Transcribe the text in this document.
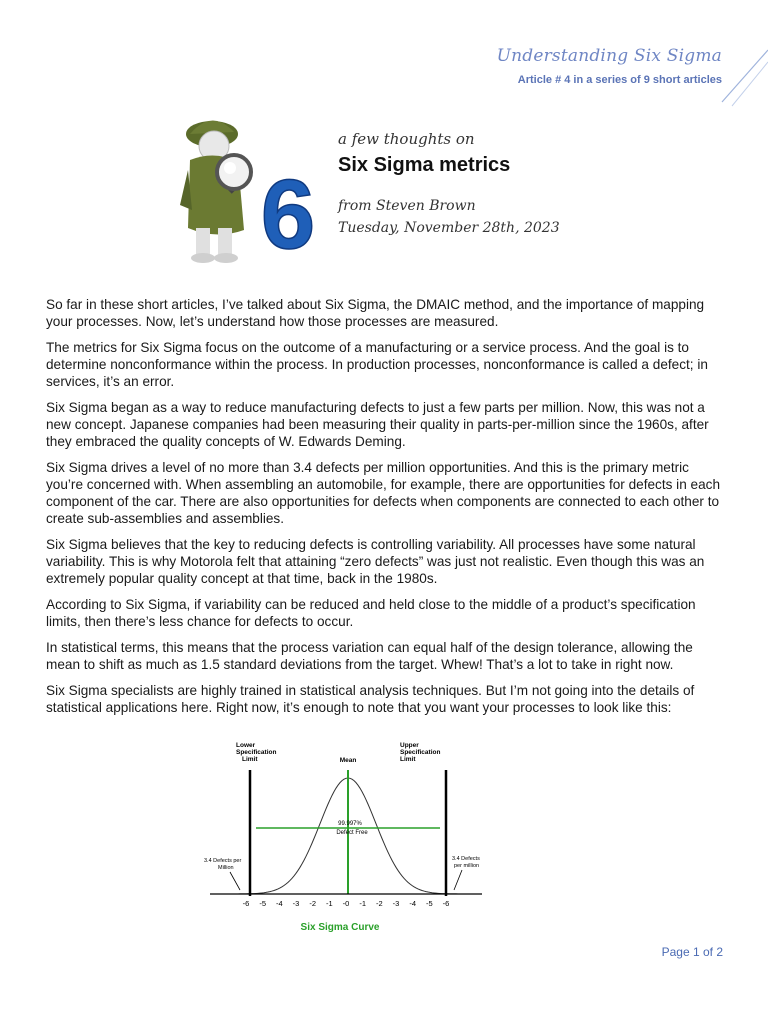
Understanding Six Sigma
Article # 4 in a series of 9 short articles
6
a few thoughts on
Six Sigma metrics
from Steven Brown
Tuesday, November 28th, 2023

So far in these short articles, I’ve talked about Six Sigma, the DMAIC method, and the importance of mapping your processes. Now, let’s understand how those processes are measured.

The metrics for Six Sigma focus on the outcome of a manufacturing or a service process. And the goal is to determine nonconformance within the process. In production processes, nonconformance is called a defect; in services, it’s an error.

Six Sigma began as a way to reduce manufacturing defects to just a few parts per million. Now, this was not a new concept. Japanese companies had been measuring their quality in parts-per-million since the 1960s, after they embraced the quality concepts of W. Edwards Deming.

Six Sigma drives a level of no more than 3.4 defects per million opportunities. And this is the primary metric you’re concerned with. When assembling an automobile, for example, there are opportunities for defects in each component of the car. There are also opportunities for defects when components are connected to each other to create sub-assemblies and assemblies.

Six Sigma believes that the key to reducing defects is controlling variability. All processes have some natural variability. This is why Motorola felt that attaining “zero defects” was just not realistic. Even though this was an extremely popular quality concept at that time, back in the 1980s.

According to Six Sigma, if variability can be reduced and held close to the middle of a product’s specification limits, then there’s less chance for defects to occur.

In statistical terms, this means that the process variation can equal half of the design tolerance, allowing the mean to shift as much as 1.5 standard deviations from the target. Whew! That’s a lot to take in right now.

Six Sigma specialists are highly trained in statistical analysis techniques. But I’m not going into the details of statistical applications here. Right now, it’s enough to note that you want your processes to look like this:

Lower Specification Limit
Upper Specification Limit
Mean
99.997%
Defect Free
3.4 Defects per
Million
3.4 Defects
per million
-6 -5 -4 -3 -2 -1 -0 -1 -2 -3 -4 -5 -6
Six Sigma Curve
Page 1 of 2
